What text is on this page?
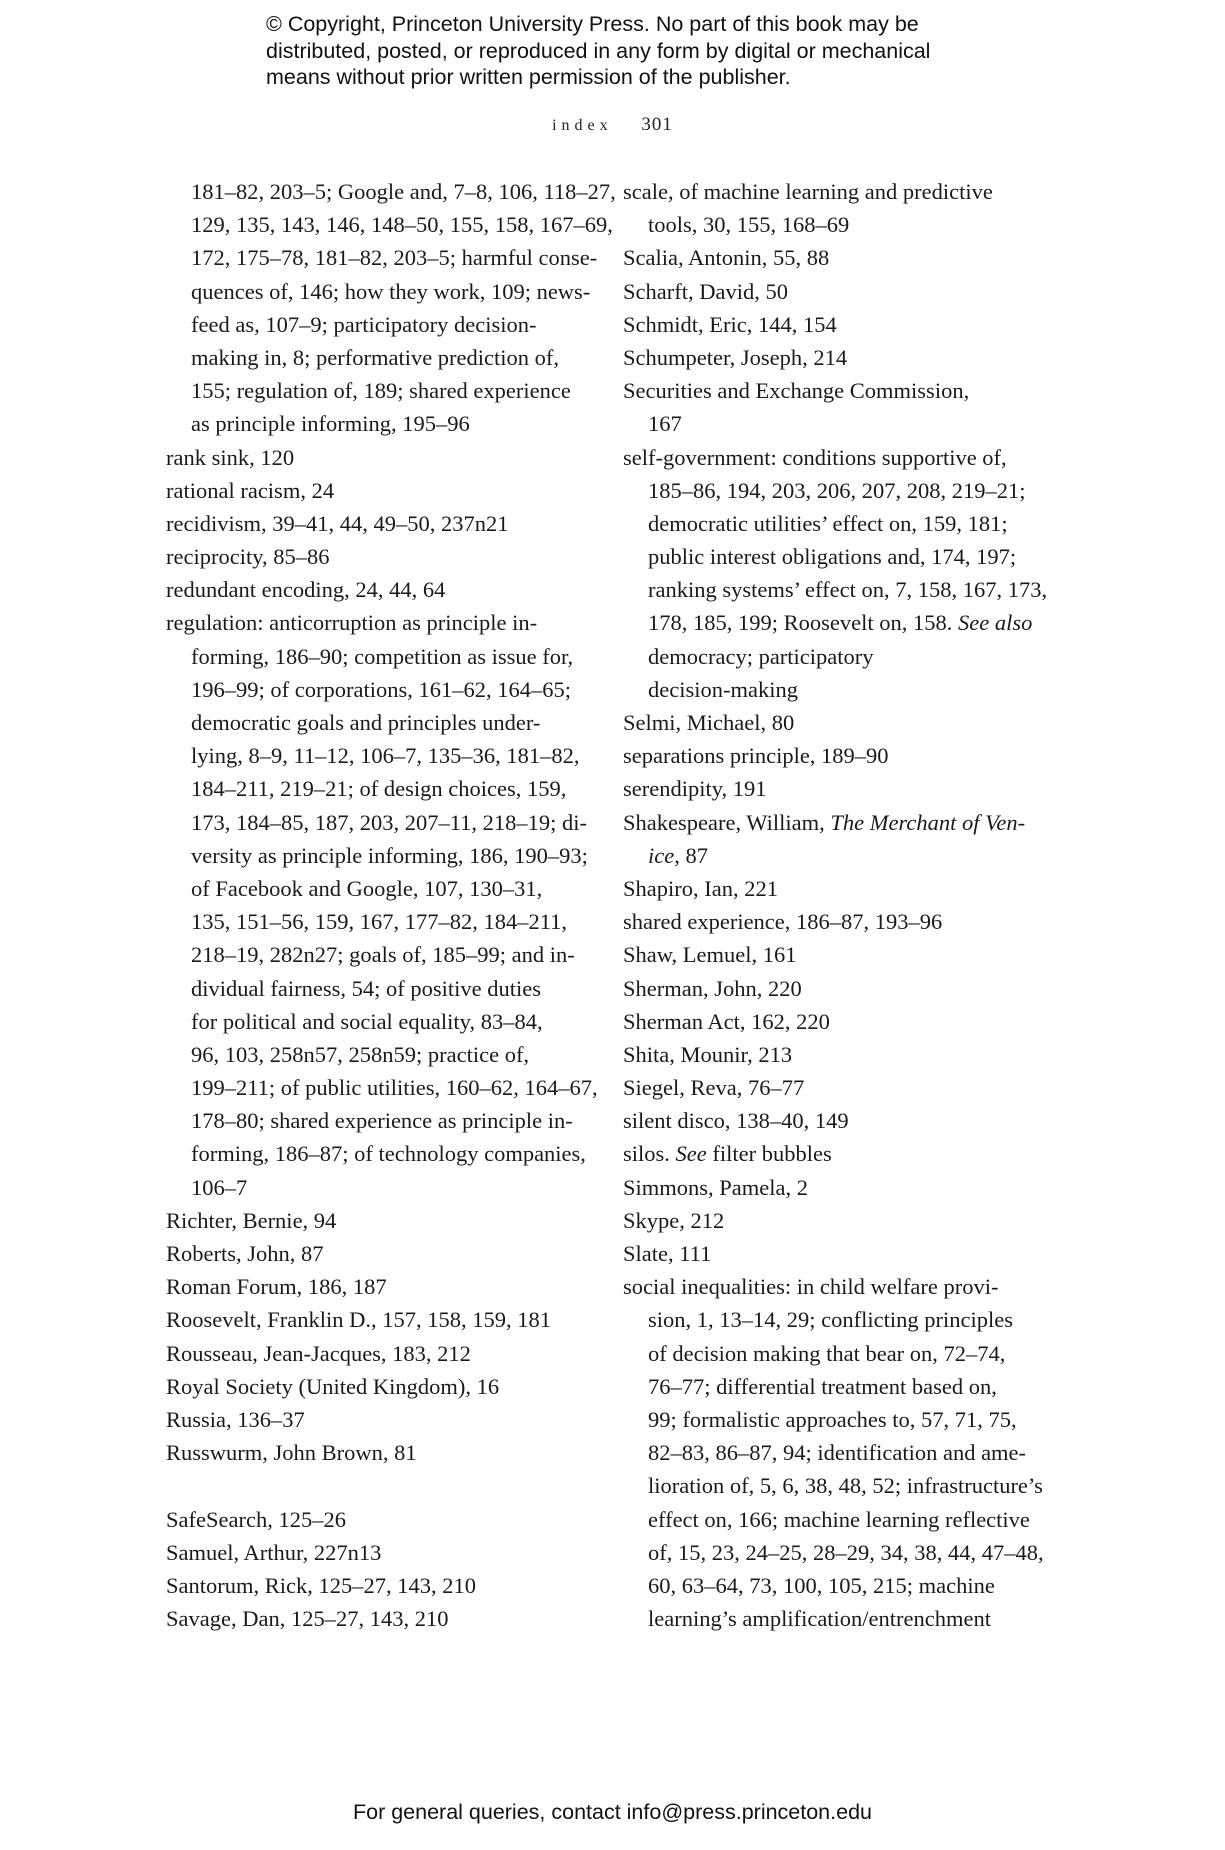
© Copyright, Princeton University Press. No part of this book may be
distributed, posted, or reproduced in any form by digital or mechanical
means without prior written permission of the publisher.
index 301
181–82, 203–5; Google and, 7–8, 106, 118–27,
129, 135, 143, 146, 148–50, 155, 158, 167–69,
172, 175–78, 181–82, 203–5; harmful conse-
quences of, 146; how they work, 109; news-
feed as, 107–9; participatory decision-
making in, 8; performative prediction of,
155; regulation of, 189; shared experience
as principle informing, 195–96
rank sink, 120
rational racism, 24
recidivism, 39–41, 44, 49–50, 237n21
reciprocity, 85–86
redundant encoding, 24, 44, 64
regulation: anticorruption as principle in-
forming, 186–90; competition as issue for,
196–99; of corporations, 161–62, 164–65;
democratic goals and principles under-
lying, 8–9, 11–12, 106–7, 135–36, 181–82,
184–211, 219–21; of design choices, 159,
173, 184–85, 187, 203, 207–11, 218–19; di-
versity as principle informing, 186, 190–93;
of Facebook and Google, 107, 130–31,
135, 151–56, 159, 167, 177–82, 184–211,
218–19, 282n27; goals of, 185–99; and in-
dividual fairness, 54; of positive duties
for political and social equality, 83–84,
96, 103, 258n57, 258n59; practice of,
199–211; of public utilities, 160–62, 164–67,
178–80; shared experience as principle in-
forming, 186–87; of technology companies,
106–7
Richter, Bernie, 94
Roberts, John, 87
Roman Forum, 186, 187
Roosevelt, Franklin D., 157, 158, 159, 181
Rousseau, Jean-Jacques, 183, 212
Royal Society (United Kingdom), 16
Russia, 136–37
Russwurm, John Brown, 81
SafeSearch, 125–26
Samuel, Arthur, 227n13
Santorum, Rick, 125–27, 143, 210
Savage, Dan, 125–27, 143, 210
scale, of machine learning and predictive
tools, 30, 155, 168–69
Scalia, Antonin, 55, 88
Scharft, David, 50
Schmidt, Eric, 144, 154
Schumpeter, Joseph, 214
Securities and Exchange Commission,
167
self-government: conditions supportive of,
185–86, 194, 203, 206, 207, 208, 219–21;
democratic utilities’ effect on, 159, 181;
public interest obligations and, 174, 197;
ranking systems’ effect on, 7, 158, 167, 173,
178, 185, 199; Roosevelt on, 158. See also
democracy; participatory
decision-making
Selmi, Michael, 80
separations principle, 189–90
serendipity, 191
Shakespeare, William, The Merchant of Ven-
ice, 87
Shapiro, Ian, 221
shared experience, 186–87, 193–96
Shaw, Lemuel, 161
Sherman, John, 220
Sherman Act, 162, 220
Shita, Mounir, 213
Siegel, Reva, 76–77
silent disco, 138–40, 149
silos. See filter bubbles
Simmons, Pamela, 2
Skype, 212
Slate, 111
social inequalities: in child welfare provi-
sion, 1, 13–14, 29; conflicting principles
of decision making that bear on, 72–74,
76–77; differential treatment based on,
99; formalistic approaches to, 57, 71, 75,
82–83, 86–87, 94; identification and ame-
lioration of, 5, 6, 38, 48, 52; infrastructure’s
effect on, 166; machine learning reflective
of, 15, 23, 24–25, 28–29, 34, 38, 44, 47–48,
60, 63–64, 73, 100, 105, 215; machine
learning’s amplification/entrenchment
For general queries, contact info@press.princeton.edu
